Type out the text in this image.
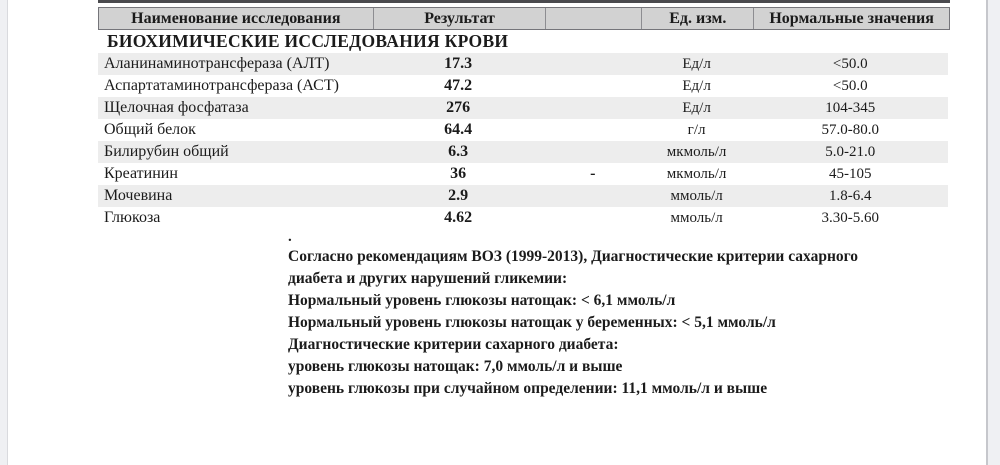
Наименование исследования	Результат	Ед. изм.	Нормальные значения
БИОХИМИЧЕСКИЕ ИССЛЕДОВАНИЯ КРОВИ
Аланинаминотрансфераза (АЛТ)	17.3	Ед/л	<50.0
Аспартатаминотрансфераза (АСТ)	47.2	Ед/л	<50.0
Щелочная фосфатаза	276	Ед/л	104-345
Общий белок	64.4	г/л	57.0-80.0
Билирубин общий	6.3	мкмоль/л	5.0-21.0
Креатинин	36	-	мкмоль/л	45-105
Мочевина	2.9	ммоль/л	1.8-6.4
Глюкоза	4.62	ммоль/л	3.30-5.60
.
Согласно рекомендациям ВОЗ (1999-2013), Диагностические критерии сахарного
диабета и других нарушений гликемии:
Нормальный уровень глюкозы натощак: < 6,1 ммоль/л
Нормальный уровень глюкозы натощак у беременных: < 5,1 ммоль/л
Диагностические критерии сахарного диабета:
уровень глюкозы натощак: 7,0 ммоль/л и выше
уровень глюкозы при случайном определении: 11,1 ммоль/л и выше
